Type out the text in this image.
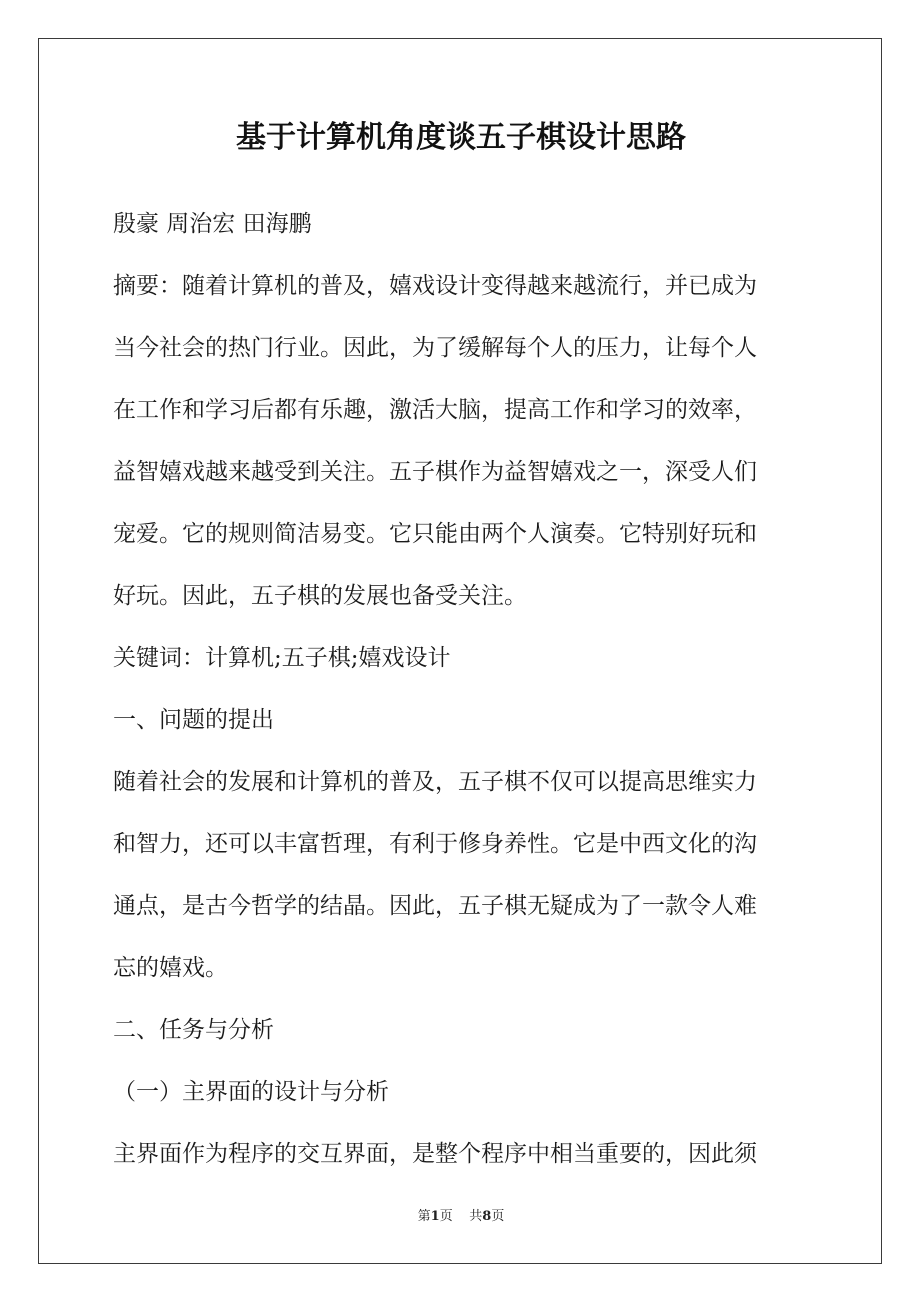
基于计算机角度谈五子棋设计思路
殷豪 周治宏 田海鹏
摘要：随着计算机的普及，嬉戏设计变得越来越流行，并已成为
当今社会的热门行业。因此，为了缓解每个人的压力，让每个人
在工作和学习后都有乐趣，激活大脑，提高工作和学习的效率，
益智嬉戏越来越受到关注。五子棋作为益智嬉戏之一，深受人们
宠爱。它的规则简洁易变。它只能由两个人演奏。它特别好玩和
好玩。因此，五子棋的发展也备受关注。
关键词：计算机;五子棋;嬉戏设计
一、问题的提出
随着社会的发展和计算机的普及，五子棋不仅可以提高思维实力
和智力，还可以丰富哲理，有利于修身养性。它是中西文化的沟
通点，是古今哲学的结晶。因此，五子棋无疑成为了一款令人难
忘的嬉戏。
二、任务与分析
（一）主界面的设计与分析
主界面作为程序的交互界面，是整个程序中相当重要的，因此须
第1页 共8页
